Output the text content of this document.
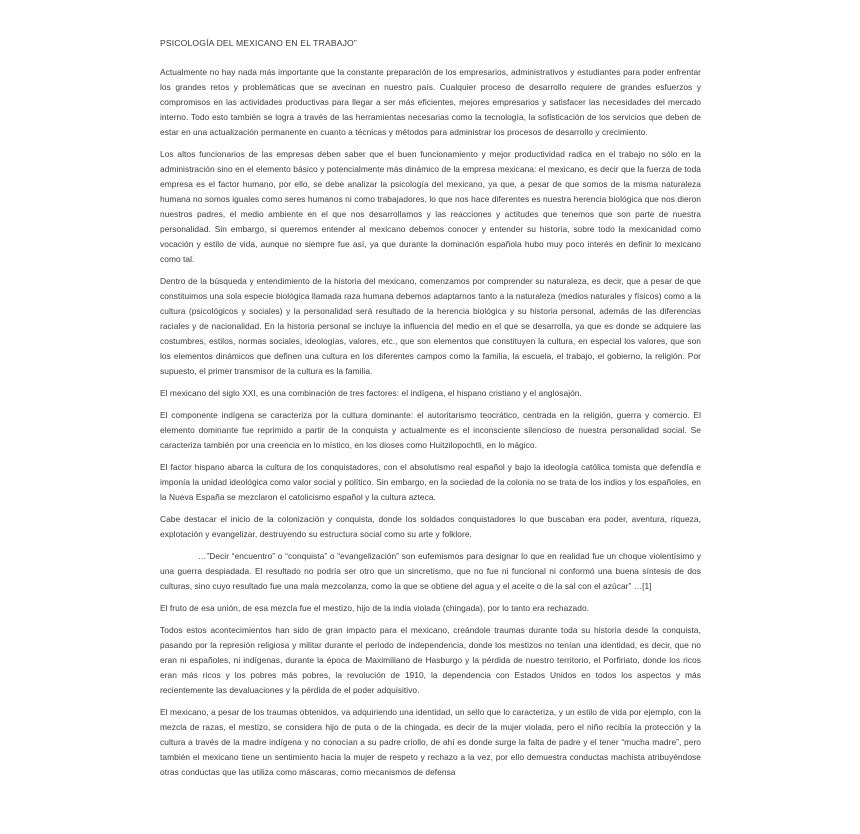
PSICOLOGÍA DEL MEXICANO EN EL TRABAJO”

Actualmente no hay nada más importante que la constante preparación de los empresarios, administrativos y estudiantes para poder enfrentar los grandes retos y problemáticas que se avecinan en nuestro país. Cualquier proceso de desarrollo requiere de grandes esfuerzos y compromisos en las actividades productivas para llegar a ser más eficientes, mejores empresarios y satisfacer las necesidades del mercado interno. Todo esto también se logra a través de las herramientas necesarias como la tecnología, la sofisticación de los servicios que deben de estar en una actualización permanente en cuanto a técnicas y métodos para administrar los procesos de desarrollo y crecimiento.

Los altos funcionarios de las empresas deben saber que el buen funcionamiento y mejor productividad radica en el trabajo no sólo en la administración sino en el elemento básico y potencialmente más dinámico de la empresa mexicana: el mexicano, es decir que la fuerza de toda empresa es el factor humano, por ello, se debe analizar la psicología del mexicano, ya que, a pesar de que somos de la misma naturaleza humana no somos iguales como seres humanos ni como trabajadores, lo que nos hace diferentes es nuestra herencia biológica que nos dieron nuestros padres, el medio ambiente en el que nos desarrollamos y las reacciones y actitudes que tenemos que son parte de nuestra personalidad. Sin embargo, si queremos entender al mexicano debemos conocer y entender su historia, sobre todo la mexicanidad como vocación y estilo de vida, aunque no siempre fue así, ya que durante la dominación española hubo muy poco interés en definir lo mexicano como tal.

Dentro de la búsqueda y entendimiento de la historia del mexicano, comenzamos por comprender su naturaleza, es decir, que a pesar de que constituimos una sola especie biológica llamada raza humana debemos adaptarnos tanto a la naturaleza (medios naturales y físicos) como a la cultura (psicológicos y sociales) y la personalidad será resultado de la herencia biológica y su historia personal, además de las diferencias raciales y de nacionalidad. En la historia personal se incluye la influencia del medio en el que se desarrolla, ya que es donde se adquiere las costumbres, estilos, normas sociales, ideologías, valores, etc., que son elementos que constituyen la cultura, en especial los valores, que son los elementos dinámicos que definen una cultura en los diferentes campos como la familia, la escuela, el trabajo, el gobierno, la religión. Por supuesto, el primer transmisor de la cultura es la familia.

El mexicano del siglo XXI, es una combinación de tres factores: el indígena, el hispano cristiano y el anglosajón.

El componente indígena se caracteriza por la cultura dominante: el autoritarismo teocrático, centrada en la religión, guerra y comercio. El elemento dominante fue reprimido a partir de la conquista y actualmente es el inconsciente silencioso de nuestra personalidad social. Se caracteriza también por una creencia en lo místico, en los dioses como Huitzilopochtli, en lo mágico.

El factor hispano abarca la cultura de los conquistadores, con el absolutismo real español y bajo la ideología católica tomista que defendía e imponía la unidad ideológica como valor social y político. Sin embargo, en la sociedad de la colonia no se trata de los indios y los españoles, en la Nueva España se mezclaron el catolicismo español y la cultura azteca.

Cabe destacar el inicio de la colonización y conquista, donde los soldados conquistadores lo que buscaban era poder, aventura, riqueza, explotación y evangelizar, destruyendo su estructura social como su arte y folklore.

…”Decir “encuentro” o “conquista” o “evangelización” son eufemismos para designar lo que en realidad fue un choque violentísimo y una guerra despiadada. El resultado no podría ser otro que un sincretismo, que no fue ni funcional ni conformó una buena síntesis de dos culturas, sino cuyo resultado fue una mala mezcolanza, como la que se obtiene del agua y el aceite o de la sal con el azúcar” …[1]

El fruto de esa unión, de esa mezcla fue el mestizo, hijo de la india violada (chingada), por lo tanto era rechazado.

Todos estos acontecimientos han sido de gran impacto para el mexicano, creándole traumas durante toda su historia desde la conquista, pasando por la represión religiosa y militar durante el periodo de independencia, donde los mestizos no tenían una identidad, es decir, que no eran ni españoles, ni indígenas, durante la época de Maximiliano de Hasburgo y la pérdida de nuestro territorio, el Porfiriato, donde los ricos eran más ricos y los pobres más pobres, la revolución de 1910, la dependencia con Estados Unidos en todos los aspectos y más recientemente las devaluaciones y la pérdida de el poder adquisitivo.

El mexicano, a pesar de los traumas obtenidos, va adquiriendo una identidad, un sello que lo caracteriza, y un estilo de vida por ejemplo, con la mezcla de razas, el mestizo, se considera hijo de puta o de la chingada, es decir de la mujer violada, pero el niño recibía la protección y la cultura a través de la madre indígena y no conocían a su padre criollo, de ahí es donde surge la falta de padre y el tener “mucha madre”, pero también el mexicano tiene un sentimiento hacia la mujer de respeto y rechazo a la vez, por ello demuestra conductas machista atribuyéndose otras conductas que las utiliza como máscaras, como mecanismos de defensa
